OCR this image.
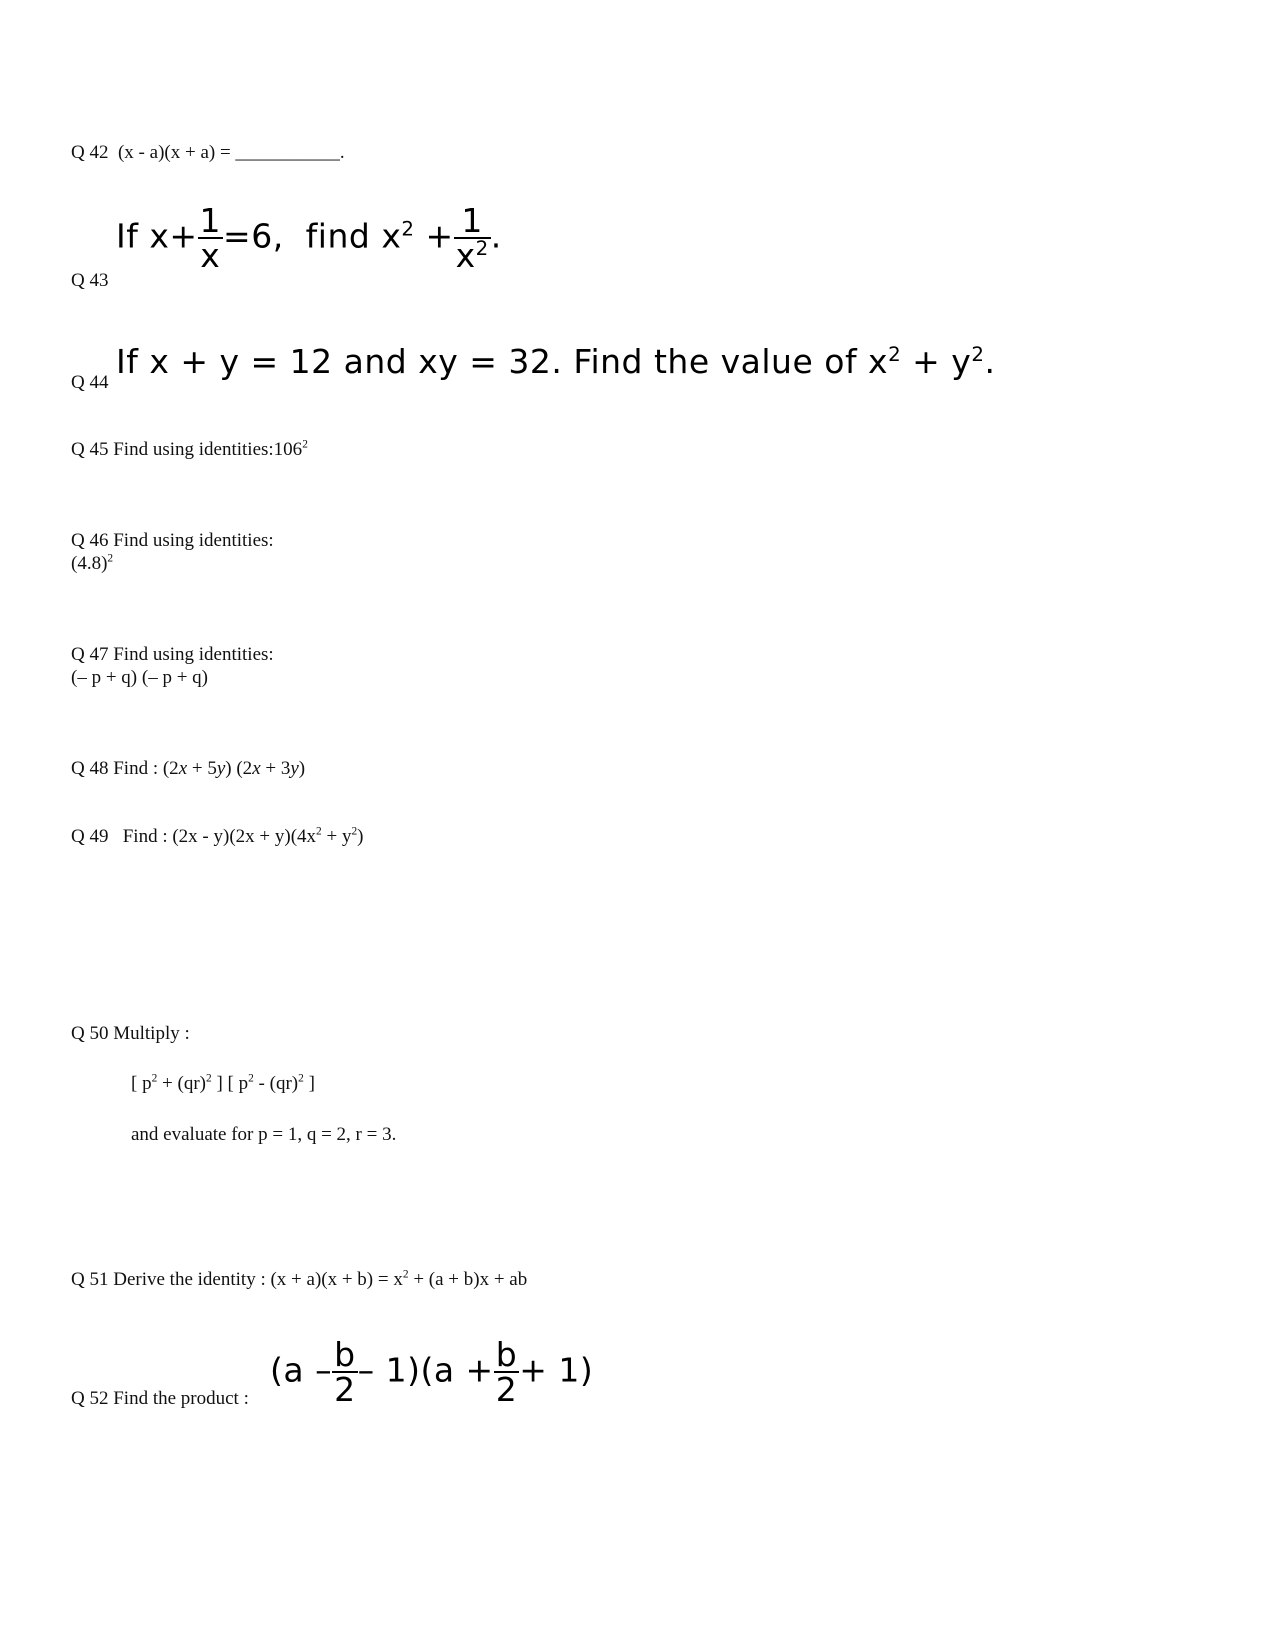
Q 42 (x - a)(x + a) = ___________.
If $x+ \frac{1}{x} =6$, find $x^2 + \frac{1}{x^2}$ .
Q 43
Q 44
If x + y = 12 and xy = 32. Find the value of $x^2 + y^2$.
Q 45 Find using $identities:106^2$
Q 46 Find using identities:
$(4.8)^2$
Q 47 Find using identities:
(– p + q) (– p + q)
Q 48 Find : (2x + 5y) (2x + 3y)
Q 49 Find : $(2x - y)(2x + y)(4x^2 + y^2)$
Q 50 Multiply :
[ $p^2 + (qr)^2$ ] [ $p^2 - (qr)^2$ ]
and evaluate for p = 1, q = 2, r = 3.
Q 51 Derive the identity : $(x + a)(x + b) = x^2 + (a + b)x$ + ab
Q 52 Find the product :
$(a - \frac{b}{2} - 1)(a + \frac{b}{2} + 1)$
